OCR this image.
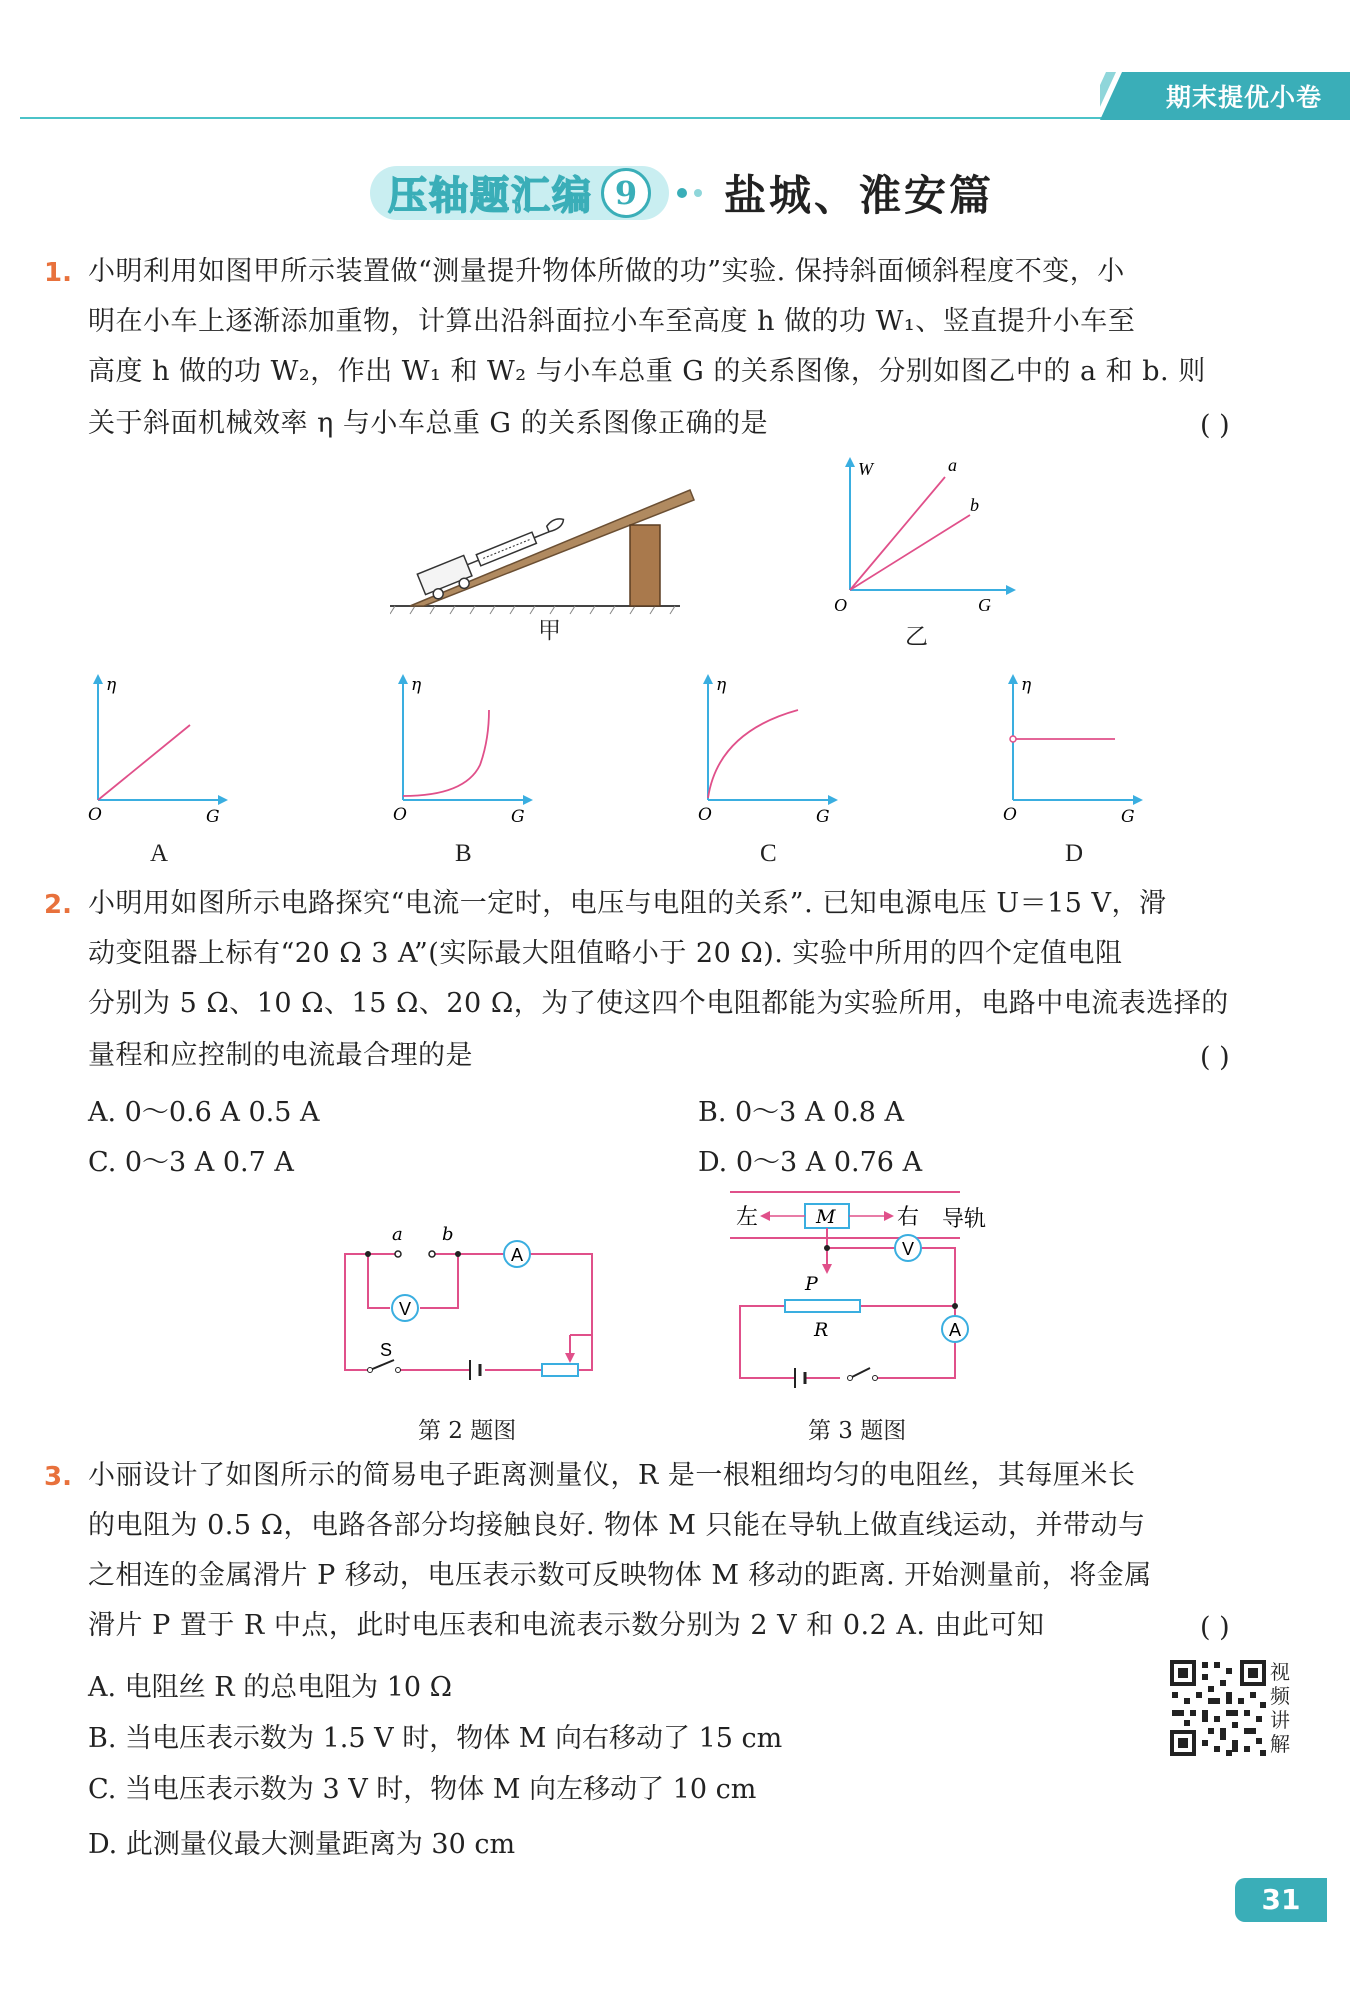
期末提优小卷
压轴题汇编 9	盐城、淮安篇
1. 小明利用如图甲所示装置做“测量提升物体所做的功”实验. 保持斜面倾斜程度不变，小
明在小车上逐渐添加重物，计算出沿斜面拉小车至高度 h 做的功 W₁、竖直提升小车至
高度 h 做的功 W₂，作出 W₁ 和 W₂ 与小车总重 G 的关系图像，分别如图乙中的 a 和 b. 则
关于斜面机械效率 η 与小车总重 G 的关系图像正确的是	( )
甲
W	a
b
O	G
乙
η
O	G
A
η
O	G
B
η
O	G
C
η
O	G
D
2. 小明用如图所示电路探究“电流一定时，电压与电阻的关系”. 已知电源电压 U＝15 V，滑
动变阻器上标有“20 Ω 3 A”(实际最大阻值略小于 20 Ω). 实验中所用的四个定值电阻
分别为 5 Ω、10 Ω、15 Ω、20 Ω，为了使这四个电阻都能为实验所用，电路中电流表选择的
量程和应控制的电流最合理的是	( )
A. 0～0.6 A 0.5 A	B. 0～3 A 0.8 A
C. 0～3 A 0.7 A	D. 0～3 A 0.76 A
A
V
a b
S
第 2 题图
左	右 导轨
M
V
A
P
R
第 3 题图
3. 小丽设计了如图所示的简易电子距离测量仪，R 是一根粗细均匀的电阻丝，其每厘米长
的电阻为 0.5 Ω，电路各部分均接触良好. 物体 M 只能在导轨上做直线运动，并带动与
之相连的金属滑片 P 移动，电压表示数可反映物体 M 移动的距离. 开始测量前，将金属
滑片 P 置于 R 中点，此时电压表和电流表示数分别为 2 V 和 0.2 A. 由此可知	( )
A. 电阻丝 R 的总电阻为 10 Ω
B. 当电压表示数为 1.5 V 时，物体 M 向右移动了 15 cm
C. 当电压表示数为 3 V 时，物体 M 向左移动了 10 cm
D. 此测量仪最大测量距离为 30 cm
视频讲解
31
